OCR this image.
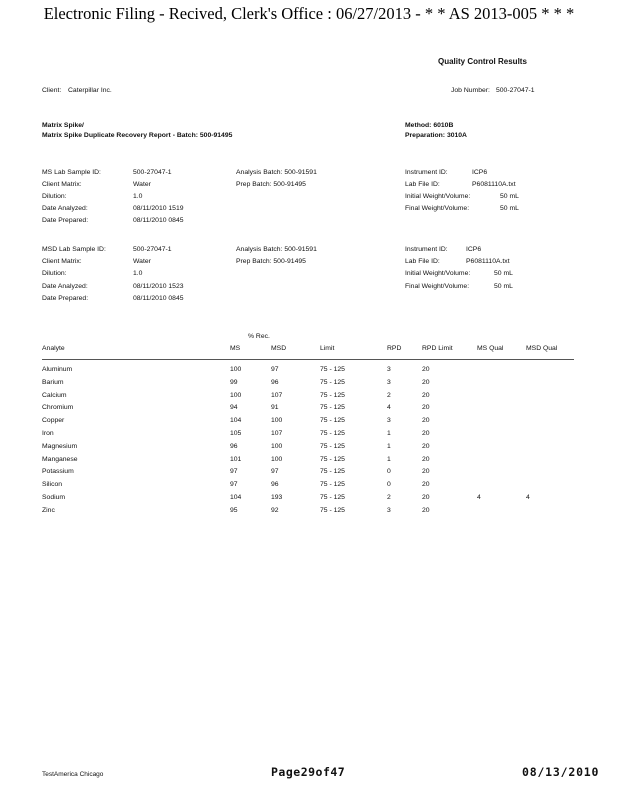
Electronic Filing - Recived, Clerk's Office : 06/27/2013 - * * AS 2013-005 * * *
Quality Control Results
Client: Caterpillar Inc.	Job Number: 500-27047-1
Matrix Spike/
Matrix Spike Duplicate Recovery Report - Batch: 500-91495
Method: 6010B
Preparation: 3010A
MS Lab Sample ID:	500-27047-1
Client Matrix:	Water
Dilution:	1.0
Date Analyzed:	08/11/2010 1519
Date Prepared:	08/11/2010 0845
Analysis Batch: 500-91591
Prep Batch: 500-91495
Instrument ID:	ICP6
Lab File ID:	P6081110A.txt
Initial Weight/Volume:	50 mL
Final Weight/Volume:	50 mL
MSD Lab Sample ID:	500-27047-1
Client Matrix:	Water
Dilution:	1.0
Date Analyzed:	08/11/2010 1523
Date Prepared:	08/11/2010 0845
Analysis Batch: 500-91591
Prep Batch: 500-91495
Instrument ID:	ICP6
Lab File ID:	P6081110A.txt
Initial Weight/Volume:	50 mL
Final Weight/Volume:	50 mL
% Rec.
Analyte	MS	MSD	Limit	RPD	RPD Limit	MS Qual	MSD Qual
Aluminum	100	97	75 - 125	3	20
Barium	99	96	75 - 125	3	20
Calcium	100	107	75 - 125	2	20
Chromium	94	91	75 - 125	4	20
Copper	104	100	75 - 125	3	20
Iron	105	107	75 - 125	1	20
Magnesium	96	100	75 - 125	1	20
Manganese	101	100	75 - 125	1	20
Potassium	97	97	75 - 125	0	20
Silicon	97	96	75 - 125	0	20
Sodium	104	193	75 - 125	2	20	4	4
Zinc	95	92	75 - 125	3	20
TestAmerica Chicago	Page29of47	08/13/2010
